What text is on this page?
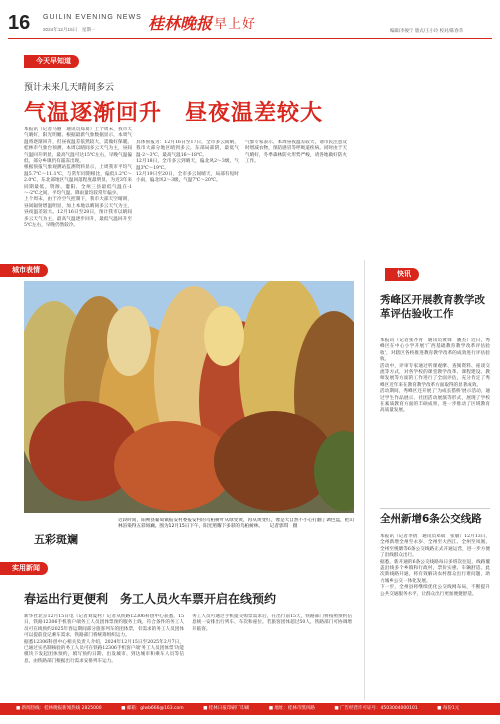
16 GUILIN EVENING NEWS
2024年12月16日　星期一	桂林晚报 早上好	编辑/李俊宁 版式/王小玲 校对/陈春萃
今天早知道
预计未来几天晴间多云
气温逐渐回升　昼夜温差较大

本报讯（记者马丽　通讯员郑易）上个周末，我市天气晴好，阳光明媚。根据最新气象数据显示，本周气温将逐渐回升，但昼夜温差依然较大，需做好保暖。桂林市气象台预测，本周以晴间多云天气为主，昼间气温回升明显，最高气温可达15℃左右，早晚气温偏低，部分乡镇仍有霜冻出现。

根据预报气象观测站监测资料显示，上周我市平均气温5.7℃～11.1℃，与常年同期相比，偏低1.2℃～2.0℃，东北部地区气温回落程度最明显，为近3年来同期最低。资源、灌阳、全州三县最低气温在-1～-2℃之间，平均气温、降雨量均较常年偏少。

上个周末，由于冷空气控制下，我市大部天空晴朗，昼间辐射增温明显，加上本地以晴间多云天气为主，昼夜温差较大。12月16日至20日，预计我市以晴间多云天气为主，最高气温逐步回升，最低气温回升至5℃左右，早晚仍然较冷。

具体预报为：12月16日至17日，全市多云间晴，我市大部分地区晴到多云，东部局部阴，最低气温-2～3℃，最高气温16～18℃。

12月18日，全市多云到晴天，偏北风2～3级，气温3℃～19℃。

12月19日至20日，全市多云间晴天，局部有短时小雨，偏北风2～3级，气温7℃～20℃。

气象专家表示，本周昼夜温差较大，请市民注意及时增减衣物，预防感冒等呼吸道疾病。同时由于天气晴好，冬季森林防火形势严峻，请各地做好防火工作。

城市表情
五彩斑斓
近段时间，阳朔县葡萄镇报安村委报安村的乌桕树叶从绿变黄，再从黄变红，像是大自然不小心打翻了调色盘，把山林渲染得五彩斑斓。图为12月15日下午，阳光照耀下多彩的乌桕树林。　　记者郭琪　摄
实用新闻
春运出行更便利　务工人员火车票开启在线预约

新华社北京12月15日电（记者刘夏村）记者从铁路12306科创中心获悉，15日，铁路12306手机客户端务工人员团体票预约服务上线，符合条件的务工人员可在线预约2025年春运期间部分旅客列车的团体票，有需求的务工人员团体可以提前登记乘车需求，铁路部门将统筹组织运力。

据悉12306科创中心相关负责人介绍，2024年12月15日至2025年2月7日，已通过实名制核验的务工人员可在铁路12306手机客户端'务工人员团体票'功能模块下发起团体预约，填写预约日期、出发城市、到达城市和乘车人员等信息，由铁路部门根据出行需求安排列车运力。

务工人员可通过手机提交购票需求后，在出行前15天，铁路部门将按照预约信息统一安排出行列车、车次和座位。若旅客团体超过50人，铁路部门可协调增开临客。

快讯
秀峰区开展教育教学改革评估验收工作

本报讯（记者张齐青　通讯员黄锋　潘杰）近日，秀峰区在中心小学开展'广西基础教育教学改革评估验收'，对辖区各校推进教育教学改革的成效进行评估验收。

活动中，评审专家通过听课观摩、查阅资料、座谈交流等方式，对各学校的课堂教学改革、课程建设、教师发展等方面的工作进行了全面评估，充分肯定了秀峰区近年来在教育教学改革方面取得的显著成效。

活动期间，秀峰区还开展了'为成长搭桥'展示活动，通过学生作品展示、社团活动展演等形式，展现了学校在素质教育方面的丰硕成果，进一步推动了区域教育高质量发展。

全州新增6条公交线路

本报讯（记者李倩　通讯员邓斌　张敏）12月13日，全州新增全州至永岁、全州至大西江、全州至凤凰、全州至枧塘等6条公交线路正式开通运营，进一步方便了沿线群众出行。

据悉，新开通的6条公交线路每日多班次往返，线路覆盖沿线多个乡镇和行政村，票价实惠、车辆舒适。此次新线路开通，将有效解决农村群众出行难问题，助力城乡公交一体化发展。

下一步，全州县将继续优化公交线网布局，不断提升公共交通服务水平，让群众出行更加便捷舒适。

■ 新闻热线：桂林晚报新闻热线 2825000	■ 邮箱：glwb666@163.com	■ 桂林日报印刷厂印刷	■ 地址：桂林市凯风路	■ 广告经营许可证号：4503004000101	■ 每份1元
